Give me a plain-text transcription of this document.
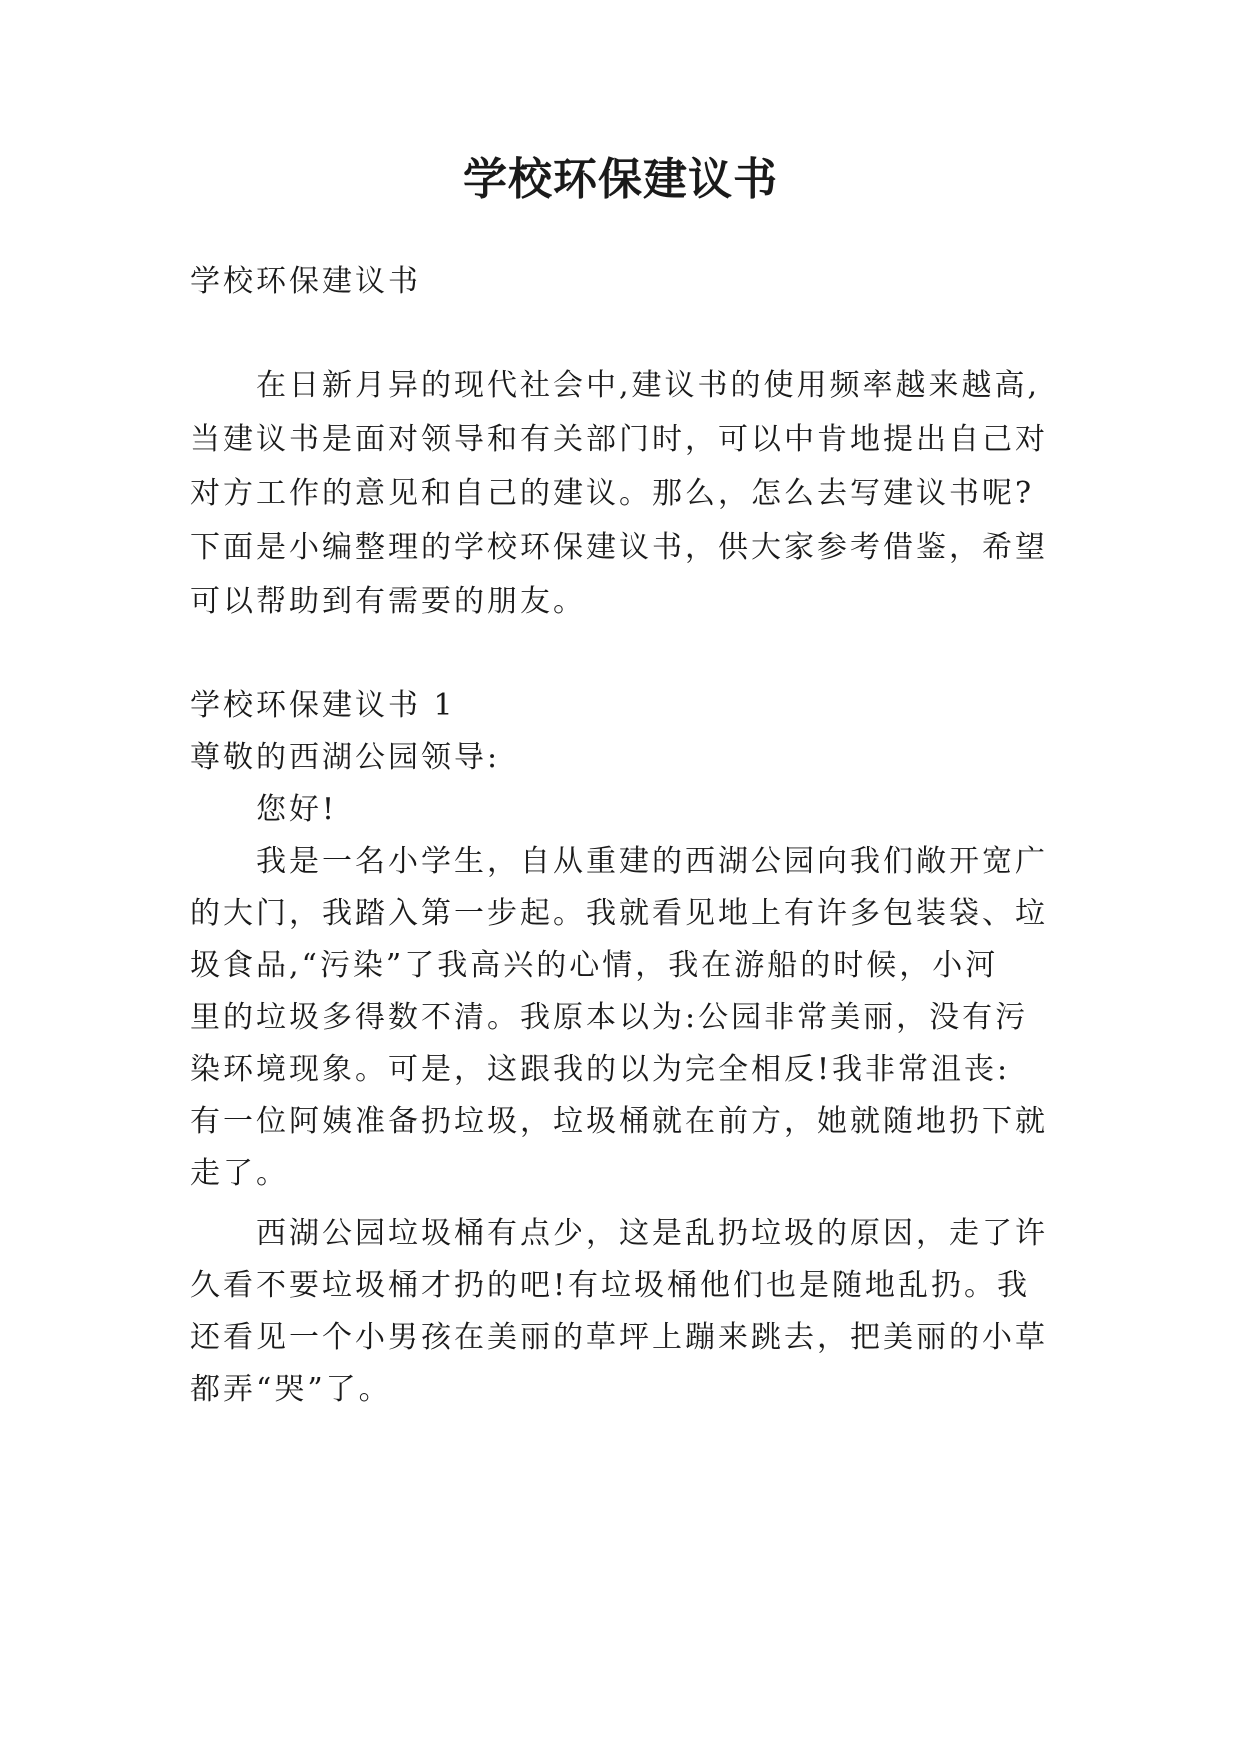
学校环保建议书
学校环保建议书
在日新月异的现代社会中,建议书的使用频率越来越高,
当建议书是面对领导和有关部门时，可以中肯地提出自己对
对方工作的意见和自己的建议。那么，怎么去写建议书呢?
下面是小编整理的学校环保建议书，供大家参考借鉴，希望
可以帮助到有需要的朋友。
学校环保建议书 1
尊敬的西湖公园领导:
您好!
我是一名小学生，自从重建的西湖公园向我们敞开宽广
的大门，我踏入第一步起。我就看见地上有许多包装袋、垃
圾食品,“污染”了我高兴的心情，我在游船的时候，小河
里的垃圾多得数不清。我原本以为:公园非常美丽，没有污
染环境现象。可是，这跟我的以为完全相反!我非常沮丧:
有一位阿姨准备扔垃圾，垃圾桶就在前方，她就随地扔下就
走了。
西湖公园垃圾桶有点少，这是乱扔垃圾的原因，走了许
久看不要垃圾桶才扔的吧!有垃圾桶他们也是随地乱扔。我
还看见一个小男孩在美丽的草坪上蹦来跳去，把美丽的小草
都弄“哭”了。
